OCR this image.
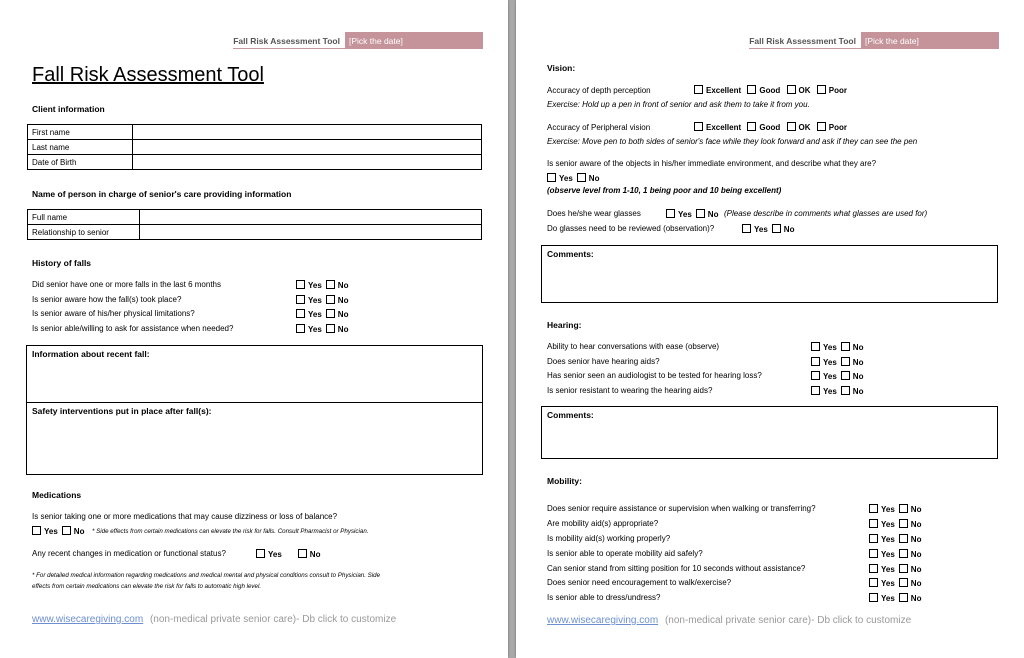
Fall Risk Assessment Tool	[Pick the date]
Fall Risk Assessment Tool
Client information
First name	
Last name	
Date of Birth	
Name of person in charge of senior's care providing information
Full name	
Relationship to senior	
History of falls
Did senior have one or more falls in the last 6 months	Yes No
Is senior aware how the fall(s) took place?	Yes No
Is senior aware of his/her physical limitations?	Yes No
Is senior able/willing to ask for assistance when needed?	Yes No
Information about recent fall:
Safety interventions put in place after fall(s):
Medications
Is senior taking one or more medications that may cause dizziness or loss of balance?
Yes No * Side effects from certain medications can elevate the risk for falls. Consult Pharmacist or Physician.
Any recent changes in medication or functional status?	Yes	No
* For detailed medical information regarding medications and medical mental and physical conditions consult to Physician. Side
effects from certain medications can elevate the risk for falls to automatic high level.
www.wisecaregiving.com (non-medical private senior care)- Db click to customize
Fall Risk Assessment Tool	[Pick the date]
Vision:
Accuracy of depth perception	Excellent Good OK Poor
Exercise: Hold up a pen in front of senior and ask them to take it from you.
Accuracy of Peripheral vision	Excellent Good OK Poor
Exercise: Move pen to both sides of senior's face while they look forward and ask if they can see the pen
Is senior aware of the objects in his/her immediate environment, and describe what they are?
Yes No
(observe level from 1-10, 1 being poor and 10 being excellent)
Does he/she wear glasses	Yes No (Please describe in comments what glasses are used for)
Do glasses need to be reviewed (observation)?	Yes No
Comments:
Hearing:
Ability to hear conversations with ease (observe)	Yes No
Does senior have hearing aids?	Yes No
Has senior seen an audiologist to be tested for hearing loss?	Yes No
Is senior resistant to wearing the hearing aids?	Yes No
Comments:
Mobility:
Does senior require assistance or supervision when walking or transferring?	Yes No
Are mobility aid(s) appropriate?	Yes No
Is mobility aid(s) working properly?	Yes No
Is senior able to operate mobility aid safely?	Yes No
Can senior stand from sitting position for 10 seconds without assistance?	Yes No
Does senior need encouragement to walk/exercise?	Yes No
Is senior able to dress/undress?	Yes No
www.wisecaregiving.com (non-medical private senior care)- Db click to customize
